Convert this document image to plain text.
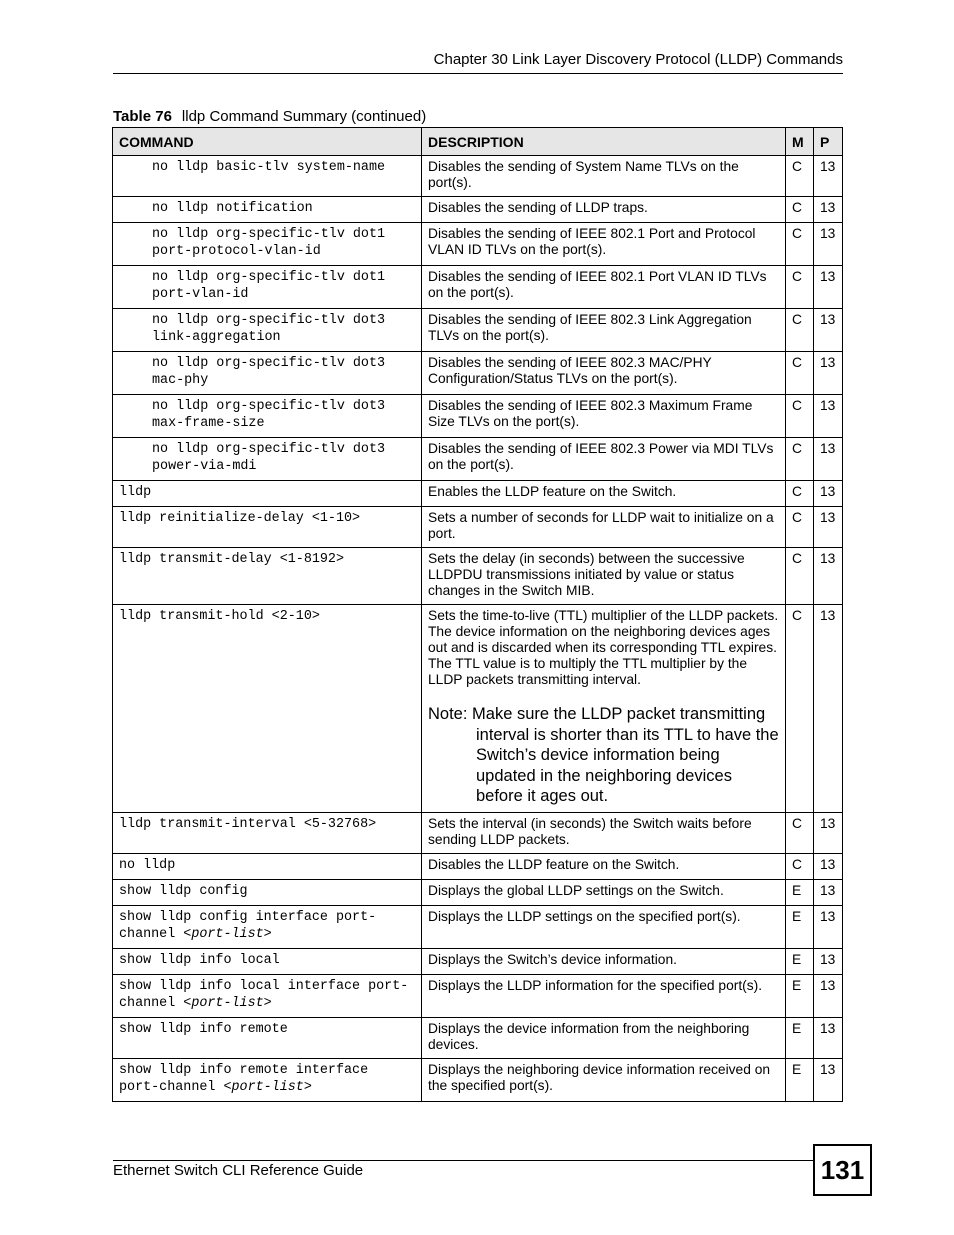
Chapter 30 Link Layer Discovery Protocol (LLDP) Commands
Table 76 lldp Command Summary (continued)
COMMAND	DESCRIPTION	M	P
no lldp basic-tlv system-name	Disables the sending of System Name TLVs on the port(s).	C	13
no lldp notification	Disables the sending of LLDP traps.	C	13
no lldp org-specific-tlv dot1 port-protocol-vlan-id	Disables the sending of IEEE 802.1 Port and Protocol VLAN ID TLVs on the port(s).	C	13
no lldp org-specific-tlv dot1 port-vlan-id	Disables the sending of IEEE 802.1 Port VLAN ID TLVs on the port(s).	C	13
no lldp org-specific-tlv dot3 link-aggregation	Disables the sending of IEEE 802.3 Link Aggregation TLVs on the port(s).	C	13
no lldp org-specific-tlv dot3 mac-phy	Disables the sending of IEEE 802.3 MAC/PHY Configuration/Status TLVs on the port(s).	C	13
no lldp org-specific-tlv dot3 max-frame-size	Disables the sending of IEEE 802.3 Maximum Frame Size TLVs on the port(s).	C	13
no lldp org-specific-tlv dot3 power-via-mdi	Disables the sending of IEEE 802.3 Power via MDI TLVs on the port(s).	C	13
lldp	Enables the LLDP feature on the Switch.	C	13
lldp reinitialize-delay <1-10>	Sets a number of seconds for LLDP wait to initialize on a port.	C	13
lldp transmit-delay <1-8192>	Sets the delay (in seconds) between the successive LLDPDU transmissions initiated by value or status changes in the Switch MIB.	C	13
lldp transmit-hold <2-10>	Sets the time-to-live (TTL) multiplier of the LLDP packets. The device information on the neighboring devices ages out and is discarded when its corresponding TTL expires. The TTL value is to multiply the TTL multiplier by the LLDP packets transmitting interval.
Note: Make sure the LLDP packet transmitting interval is shorter than its TTL to have the Switch’s device information being updated in the neighboring devices before it ages out.	C	13
lldp transmit-interval <5-32768>	Sets the interval (in seconds) the Switch waits before sending LLDP packets.	C	13
no lldp	Disables the LLDP feature on the Switch.	C	13
show lldp config	Displays the global LLDP settings on the Switch.	E	13
show lldp config interface port-channel <port-list>	Displays the LLDP settings on the specified port(s).	E	13
show lldp info local	Displays the Switch’s device information.	E	13
show lldp info local interface port-channel <port-list>	Displays the LLDP information for the specified port(s).	E	13
show lldp info remote	Displays the device information from the neighboring devices.	E	13
show lldp info remote interface port-channel <port-list>	Displays the neighboring device information received on the specified port(s).	E	13
Ethernet Switch CLI Reference Guide	131
